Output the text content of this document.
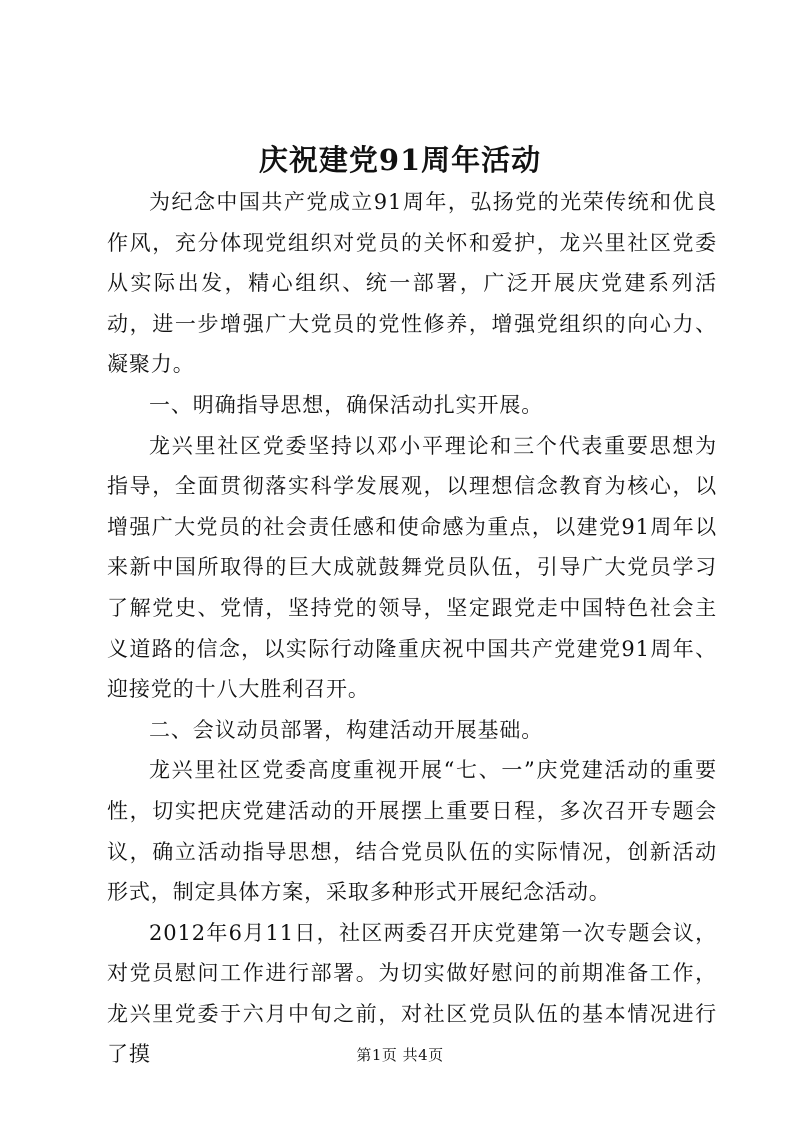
庆祝建党91周年活动

为纪念中国共产党成立91周年，弘扬党的光荣传统和优良作风，充分体现党组织对党员的关怀和爱护，龙兴里社区党委从实际出发，精心组织、统一部署，广泛开展庆党建系列活动，进一步增强广大党员的党性修养，增强党组织的向心力、凝聚力。

一、明确指导思想，确保活动扎实开展。

龙兴里社区党委坚持以邓小平理论和三个代表重要思想为指导，全面贯彻落实科学发展观，以理想信念教育为核心，以增强广大党员的社会责任感和使命感为重点，以建党91周年以来新中国所取得的巨大成就鼓舞党员队伍，引导广大党员学习了解党史、党情，坚持党的领导，坚定跟党走中国特色社会主义道路的信念，以实际行动隆重庆祝中国共产党建党91周年、迎接党的十八大胜利召开。

二、会议动员部署，构建活动开展基础。

龙兴里社区党委高度重视开展“七、一”庆党建活动的重要性，切实把庆党建活动的开展摆上重要日程，多次召开专题会议，确立活动指导思想，结合党员队伍的实际情况，创新活动形式，制定具体方案，采取多种形式开展纪念活动。

2012年6月11日，社区两委召开庆党建第一次专题会议，对党员慰问工作进行部署。为切实做好慰问的前期准备工作，龙兴里党委于六月中旬之前，对社区党员队伍的基本情况进行了摸	第1页 共4页
